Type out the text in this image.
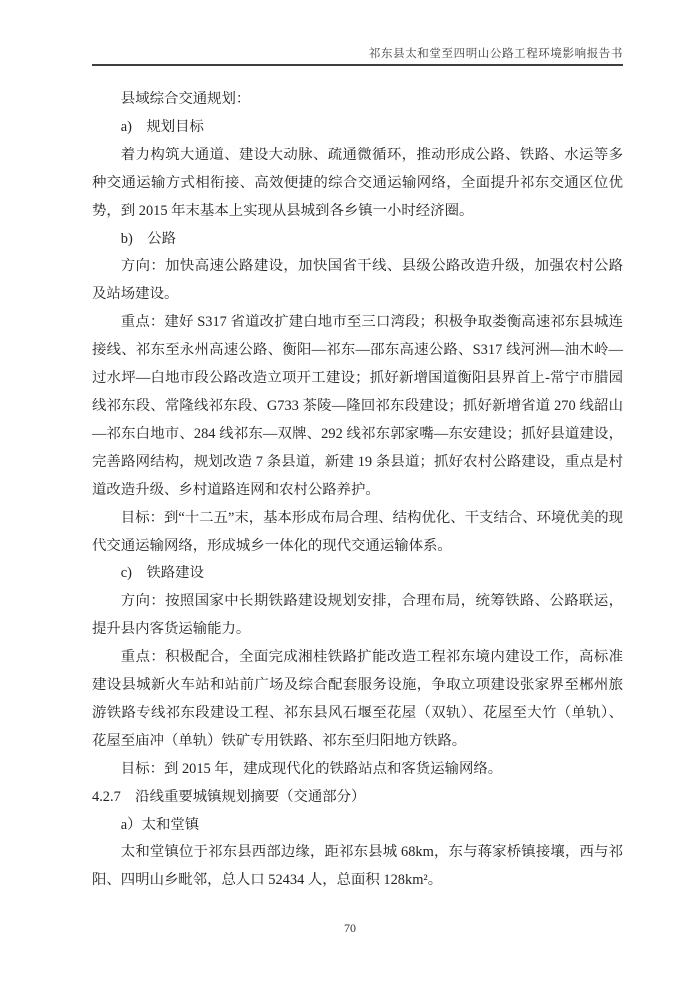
祁东县太和堂至四明山公路工程环境影响报告书

县域综合交通规划：

a)　规划目标

着力构筑大通道、建设大动脉、疏通微循环，推动形成公路、铁路、水运等多种交通运输方式相衔接、高效便捷的综合交通运输网络，全面提升祁东交通区位优势，到 2015 年末基本上实现从县城到各乡镇一小时经济圈。

b)　公路

方向：加快高速公路建设，加快国省干线、县级公路改造升级，加强农村公路及站场建设。

重点：建好 S317 省道改扩建白地市至三口湾段；积极争取娄衡高速祁东县城连接线、祁东至永州高速公路、衡阳—祁东—邵东高速公路、S317 线河洲—油木岭—过水坪—白地市段公路改造立项开工建设；抓好新增国道衡阳县界首上-常宁市腊园线祁东段、常隆线祁东段、G733 茶陵—隆回祁东段建设；抓好新增省道 270 线韶山—祁东白地市、284 线祁东—双牌、292 线祁东郭家嘴—东安建设；抓好县道建设，完善路网结构，规划改造 7 条县道，新建 19 条县道；抓好农村公路建设，重点是村道改造升级、乡村道路连网和农村公路养护。

目标：到“十二五”末，基本形成布局合理、结构优化、干支结合、环境优美的现代交通运输网络，形成城乡一体化的现代交通运输体系。

c)　铁路建设

方向：按照国家中长期铁路建设规划安排，合理布局，统筹铁路、公路联运，提升县内客货运输能力。

重点：积极配合，全面完成湘桂铁路扩能改造工程祁东境内建设工作，高标准建设县城新火车站和站前广场及综合配套服务设施，争取立项建设张家界至郴州旅游铁路专线祁东段建设工程、祁东县风石堰至花屋（双轨）、花屋至大竹（单轨）、花屋至庙冲（单轨）铁矿专用铁路、祁东至归阳地方铁路。

目标：到 2015 年，建成现代化的铁路站点和客货运输网络。

4.2.7　沿线重要城镇规划摘要（交通部分）

a）太和堂镇

太和堂镇位于祁东县西部边缘，距祁东县城 68km，东与蒋家桥镇接壤，西与祁阳、四明山乡毗邻，总人口 52434 人，总面积 128km²。

70
